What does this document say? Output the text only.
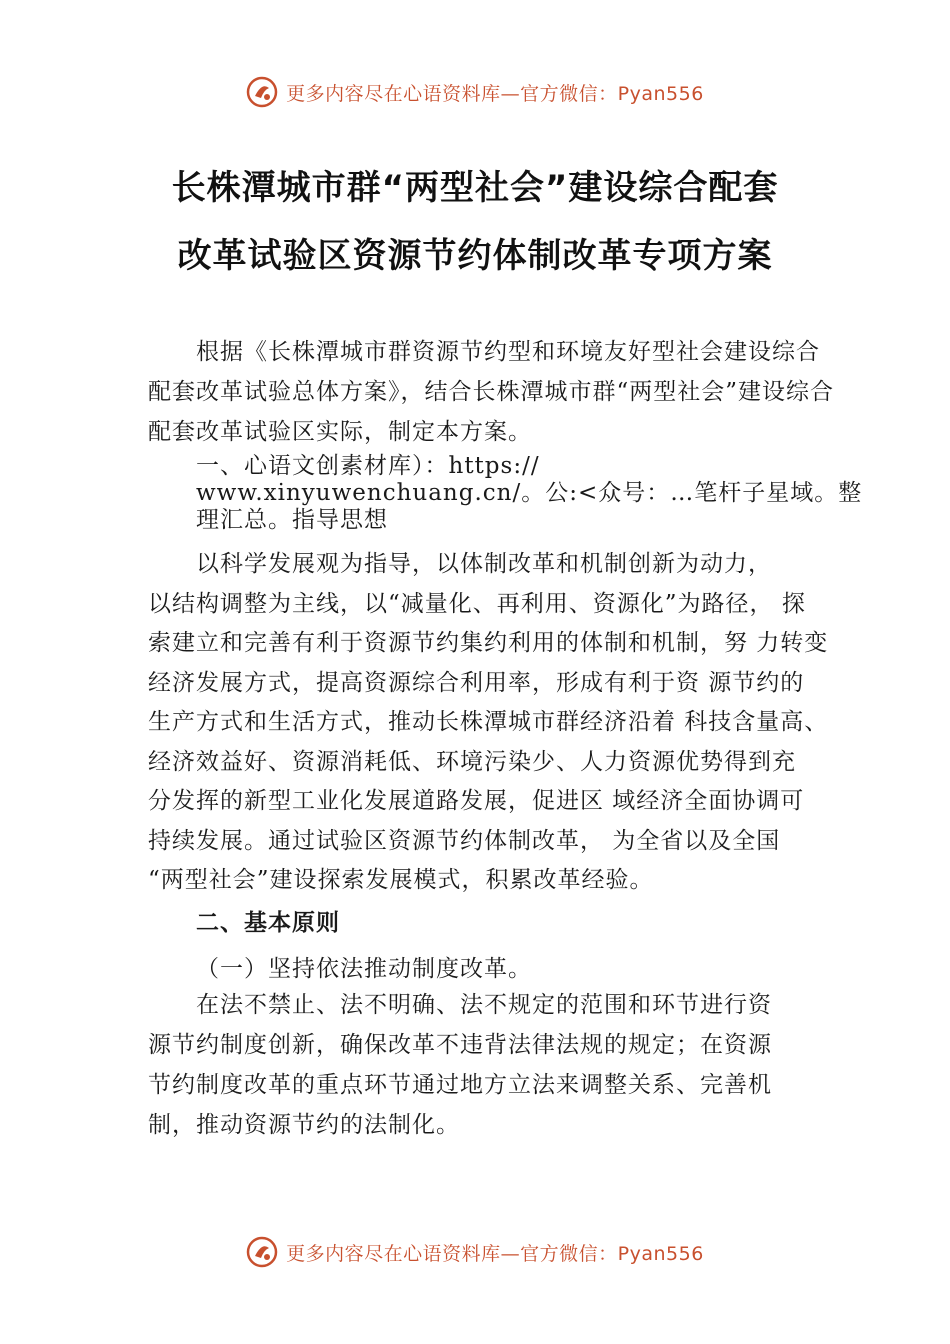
更多内容尽在心语资料库—官方微信：Pyan556
长株潭城市群“两型社会”建设综合配套
改革试验区资源节约体制改革专项方案

根据《长株潭城市群资源节约型和环境友好型社会建设综合配套改革试验总体方案》，结合长株潭城市群“两型社会”建设综合配套改革试验区实际，制定本方案。

一、心语文创素材库）：https://
www.xinyuwenchuang.cn/。公:<众号：…笔杆子星域。整
理汇总。指导思想
以科学发展观为指导，以体制改革和机制创新为动力，
以结构调整为主线，以“减量化、再利用、资源化”为路径， 探
索建立和完善有利于资源节约集约利用的体制和机制，努 力转变
经济发展方式，提高资源综合利用率，形成有利于资 源节约的
生产方式和生活方式，推动长株潭城市群经济沿着 科技含量高、
经济效益好、资源消耗低、环境污染少、人力资源优势得到充
分发挥的新型工业化发展道路发展，促进区 域经济全面协调可
持续发展。通过试验区资源节约体制改革， 为全省以及全国
“两型社会”建设探索发展模式，积累改革经验。
二、基本原则
（一）坚持依法推动制度改革。
在法不禁止、法不明确、法不规定的范围和环节进行资
源节约制度创新，确保改革不违背法律法规的规定；在资源
节约制度改革的重点环节通过地方立法来调整关系、完善机
制，推动资源节约的法制化。
更多内容尽在心语资料库—官方微信：Pyan556
